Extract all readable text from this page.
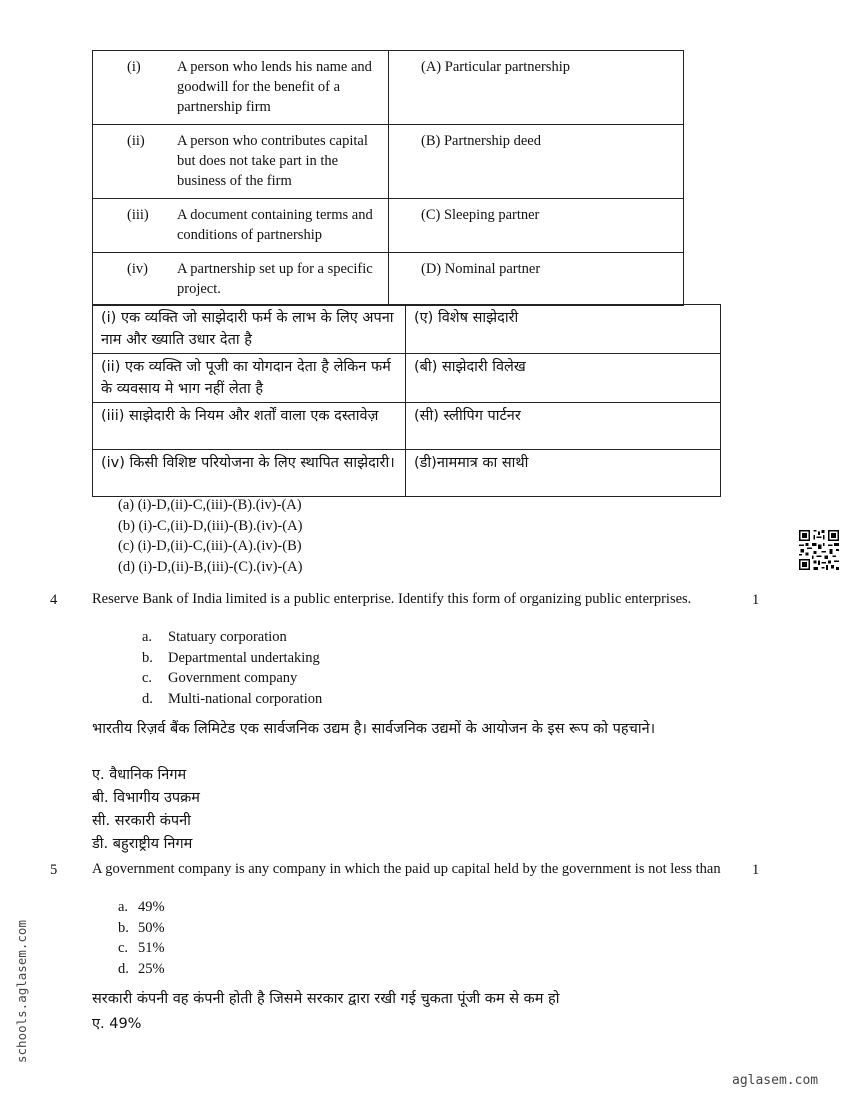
(i) A person who lends his name and goodwill for the benefit of a partnership firm	(A) Particular partnership

(ii) A person who contributes capital but does not take part in the business of the firm	(B) Partnership deed

(iii) A document containing terms and conditions of partnership	(C) Sleeping partner

(iv) A partnership set up for a specific project.	(D) Nominal partner
(i) एक व्यक्ति जो साझेदारी फर्म के लाभ के लिए अपना नाम और ख्याति उधार देता है	(ए) विशेष साझेदारी
(ii) एक व्यक्ति जो पूजी का योगदान देता है लेकिन फर्म के व्यवसाय मे भाग नहीं लेता है	(बी) साझेदारी विलेख
(iii) साझेदारी के नियम और शर्तों वाला एक दस्तावेज़	(सी) स्लीपिग पार्टनर
(iv) किसी विशिष्ट परियोजना के लिए स्थापित साझेदारी।	(डी)नाममात्र का साथी
(a) (i)-D,(ii)-C,(iii)-(B).(iv)-(A)
(b) (i)-C,(ii)-D,(iii)-(B).(iv)-(A)
(c) (i)-D,(ii)-C,(iii)-(A).(iv)-(B)
(d) (i)-D,(ii)-B,(iii)-(C).(iv)-(A)
4	1
Reserve Bank of India limited is a public enterprise. Identify this form of organizing public enterprises.
a.	Statuary corporation
b.	Departmental undertaking
c.	Government company
d.	Multi-national corporation
भारतीय रिज़र्व बैंक लिमिटेड एक सार्वजनिक उद्यम है। सार्वजनिक उद्यमों के आयोजन के इस रूप को पहचाने।
ए. वैधानिक निगम
बी. विभागीय उपक्रम
सी. सरकारी कंपनी
डी. बहुराष्ट्रीय निगम
5	1
A government company is any company in which the paid up capital held by the government is not less than
a. 49%
b. 50%
c. 51%
d. 25%
सरकारी कंपनी वह कंपनी होती है जिसमे सरकार द्वारा रखी गई चुकता पूंजी कम से कम हो
ए. 49%
schools.aglasem.com
aglasem.com
